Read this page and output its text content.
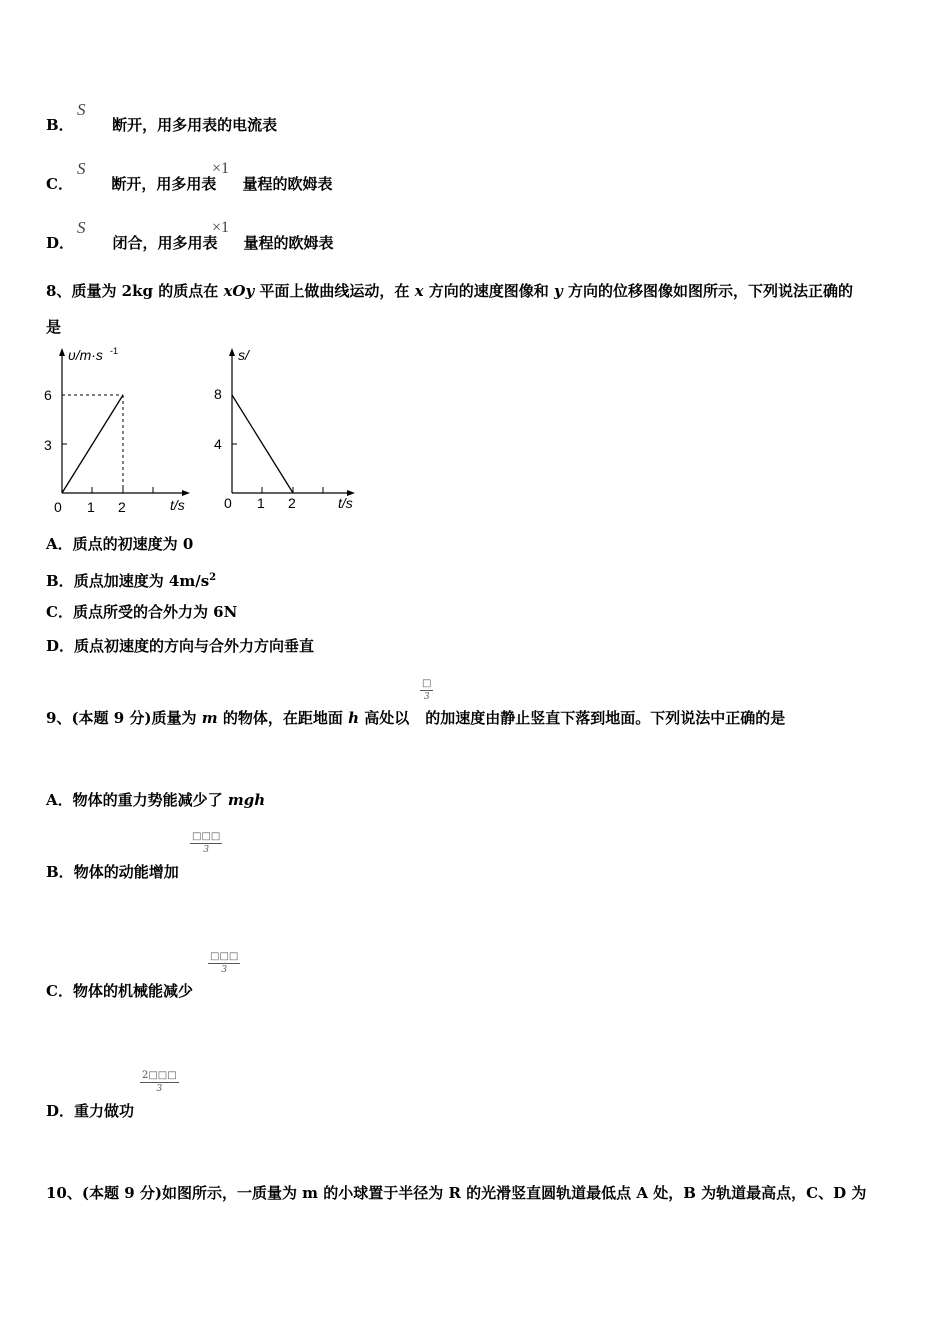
B．	断开，用多用表的电流表
S
C．	断开，用多用表 量程的欧姆表
S	×1
D．	闭合，用多用表 量程的欧姆表
S	×1
8、质量为 2kg 的质点在 xOy 平面上做曲线运动，在 x 方向的速度图像和 y 方向的位移图像如图所示，下列说法正确的
是
υ/m·s -1
6
3
0 1 2	t/s
s/
8
4
0 1 2	t/s
A．质点的初速度为 0
B．质点加速度为 $4m/s^2$
C．质点所受的合外力为 6N
D．质点初速度的方向与合外力方向垂直
9、(本题 9 分)质量为 m 的物体，在距地面 h 高处以 的加速度由静止竖直下落到地面。下列说法中正确的是
□
3
A．物体的重力势能减少了 mgh
B．物体的动能增加
□□□
3
C．物体的机械能减少
□□□
3
D．重力做功
$\frac{2□□□}{3}$
10、(本题 9 分)如图所示，一质量为 m 的小球置于半径为 R 的光滑竖直圆轨道最低点 A 处，B 为轨道最高点，C、D 为
